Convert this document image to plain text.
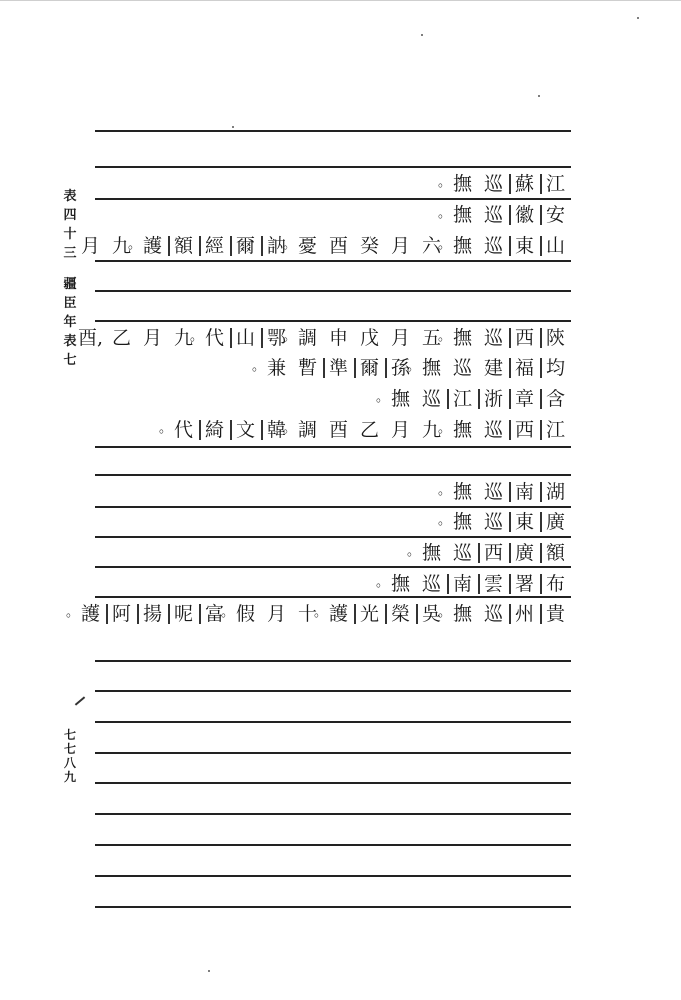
表
四
十
三
疆
臣
年
表
七
七
七
八
九
江
蘇
巡
撫 。
安
徽
巡
撫 。
山
東
巡
撫 。
六
月
癸
酉
憂 。
訥
爾
經
額
護 。
九
月
陝
西
巡
撫 。
五
月
戊
申
調 。
鄂
山
代 。
九
月
乙
酉,
均
福
建
巡
撫 。
孫
爾
準
暫
兼 。
含
章
浙
江
巡
撫 。
江
西
巡
撫 。
九
月
乙
酉
調 。
韓
文
綺
代 。
湖
南
巡
撫 。
廣
東
巡
撫 。
額
廣
西
巡
撫 。
布
署
雲
南
巡
撫 。
貴
州
巡
撫 。
吳
榮
光
護 。
十
月
假 。
富
呢
揚
阿
護 。
